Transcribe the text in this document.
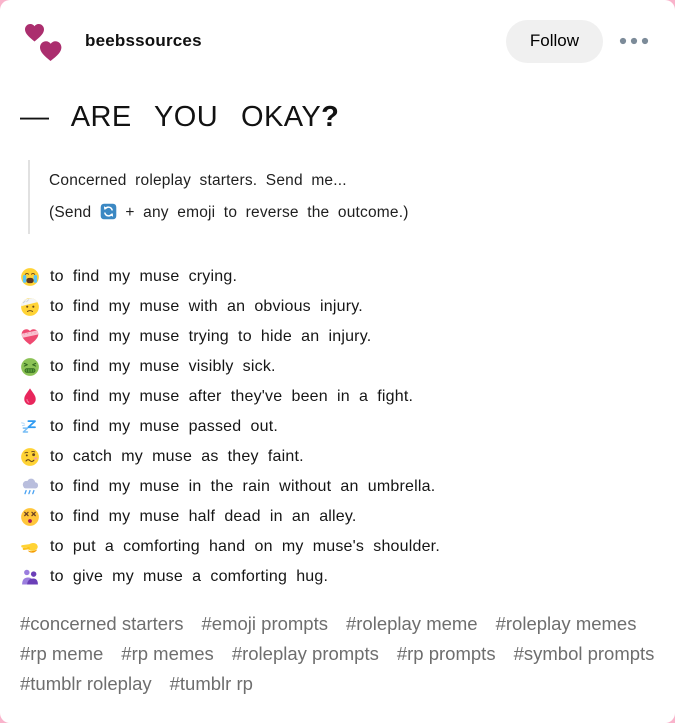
beebssources	Follow
— ARE YOU OKAY?

Concerned roleplay starters. Send me...

(Send + any emoji to reverse the outcome.)

to find my muse crying.
to find my muse with an obvious injury.
to find my muse trying to hide an injury.
to find my muse visibly sick.
to find my muse after they've been in a fight.
to find my muse passed out.
to catch my muse as they faint.
to find my muse in the rain without an umbrella.
to find my muse half dead in an alley.
to put a comforting hand on my muse's shoulder.
to give my muse a comforting hug.
#concerned starters #emoji prompts #roleplay meme #roleplay memes
#rp meme #rp memes #roleplay prompts #rp prompts #symbol prompts
#tumblr roleplay #tumblr rp
